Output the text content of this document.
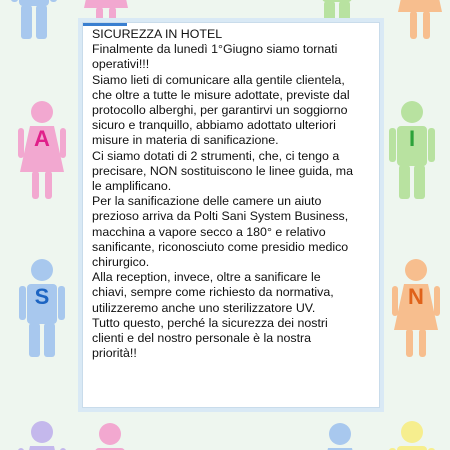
A	I
S	N
SICUREZZA IN HOTEL
Finalmente da lunedì 1°Giugno siamo tornati
operativi!!!
Siamo lieti di comunicare alla gentile clientela,
che oltre a tutte le misure adottate, previste dal
protocollo alberghi, per garantirvi un soggiorno
sicuro e tranquillo, abbiamo adottato ulteriori
misure in materia di sanificazione.
Ci siamo dotati di 2 strumenti, che, ci tengo a
precisare, NON sostituiscono le linee guida, ma
le amplificano.
Per la sanificazione delle camere un aiuto
prezioso arriva da Polti Sani System Business,
macchina a vapore secco a 180° e relativo
sanificante, riconosciuto come presidio medico
chirurgico.
Alla reception, invece, oltre a sanificare le
chiavi, sempre come richiesto da normativa,
utilizzeremo anche uno sterilizzatore UV.
Tutto questo, perché la sicurezza dei nostri
clienti e del nostro personale è la nostra
priorità!!
